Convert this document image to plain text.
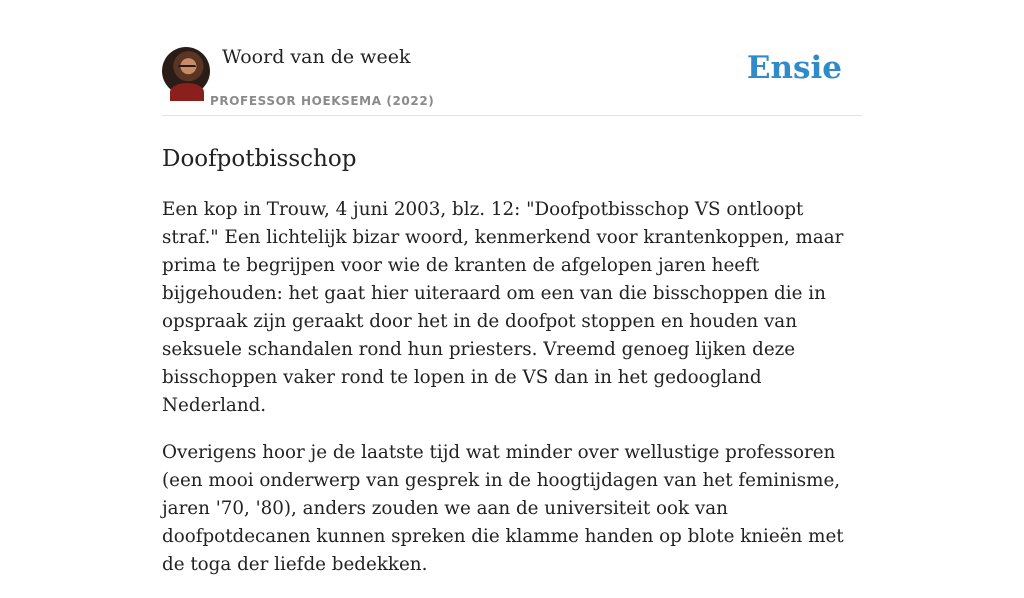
Woord van de week
PROFESSOR HOEKSEMA (2022)
Ensie
Doofpotbisschop

Een kop in Trouw, 4 juni 2003, blz. 12: "Doofpotbisschop VS ontloopt straf." Een lichtelijk bizar woord, kenmerkend voor krantenkoppen, maar prima te begrijpen voor wie de kranten de afgelopen jaren heeft bijgehouden: het gaat hier uiteraard om een van die bisschoppen die in opspraak zijn geraakt door het in de doofpot stoppen en houden van seksuele schandalen rond hun priesters. Vreemd genoeg lijken deze bisschoppen vaker rond te lopen in de VS dan in het gedoogland Nederland.

Overigens hoor je de laatste tijd wat minder over wellustige professoren (een mooi onderwerp van gesprek in de hoogtijdagen van het feminisme, jaren '70, '80), anders zouden we aan de universiteit ook van doofpotdecanen kunnen spreken die klamme handen op blote knieën met de toga der liefde bedekken.
